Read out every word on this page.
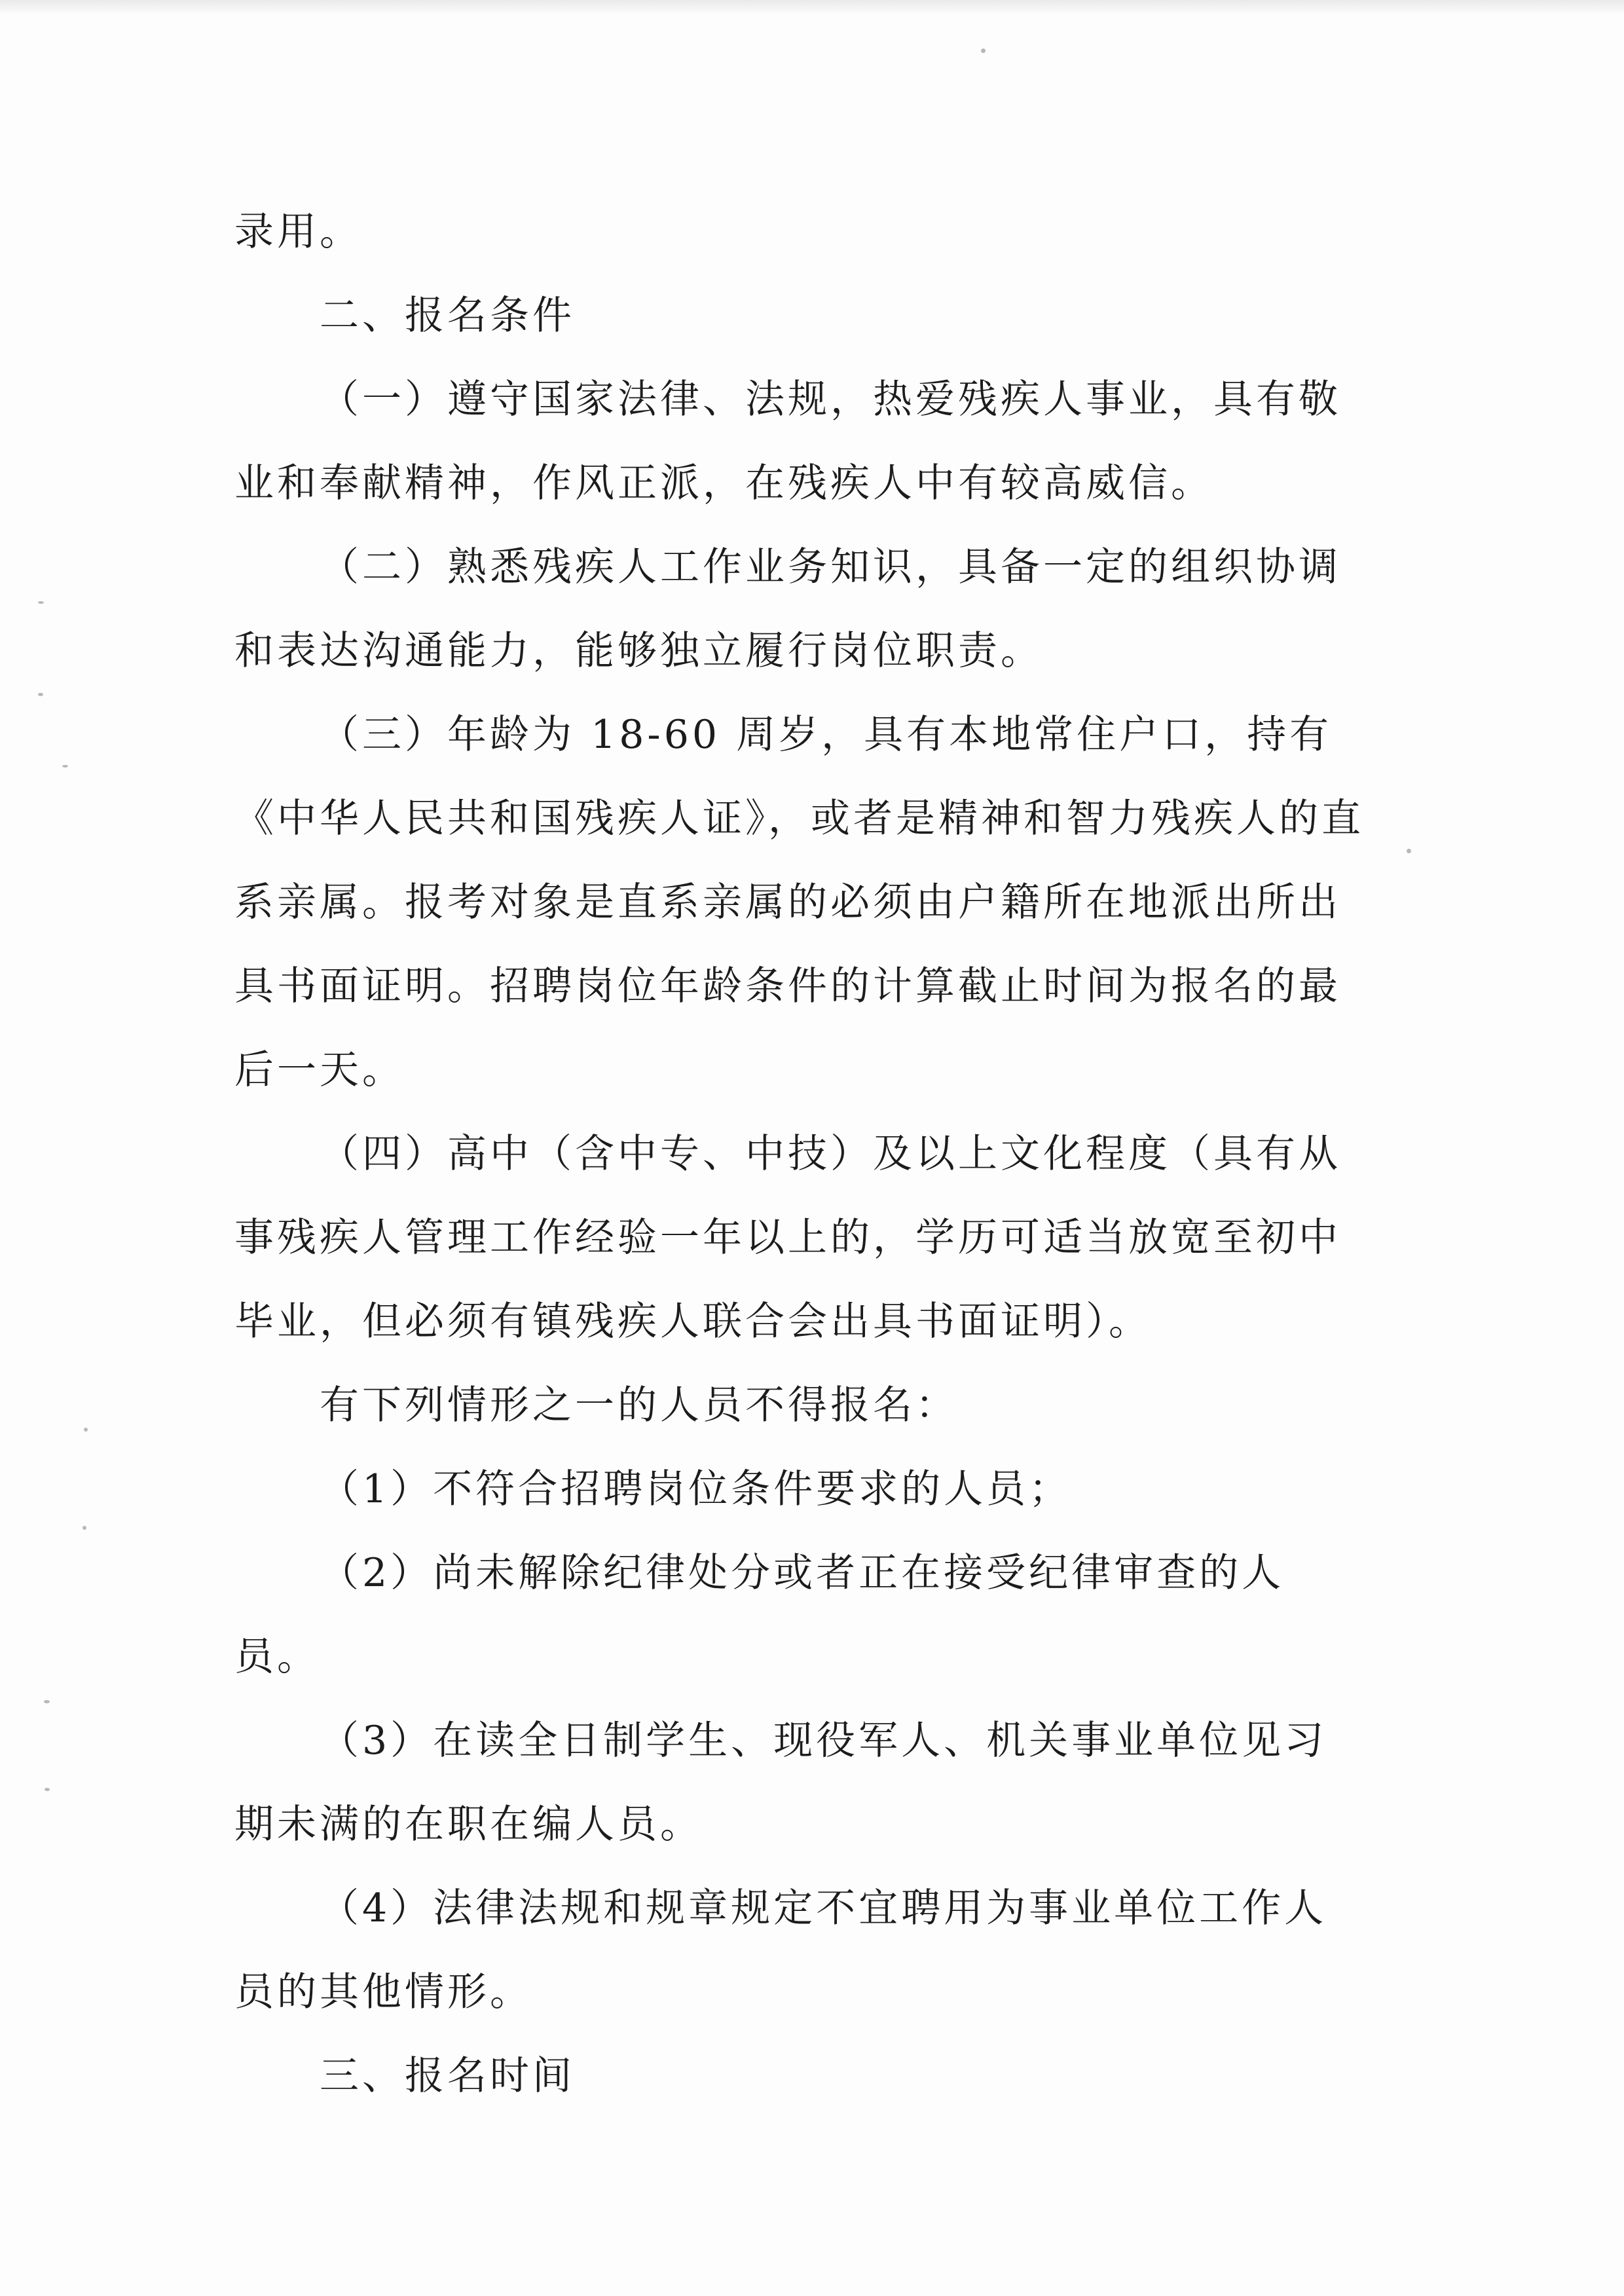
录用。

二、报名条件

（一）遵守国家法律、法规，热爱残疾人事业，具有敬业和奉献精神，作风正派，在残疾人中有较高威信。

（二）熟悉残疾人工作业务知识，具备一定的组织协调和表达沟通能力，能够独立履行岗位职责。

（三）年龄为 18-60 周岁，具有本地常住户口，持有《中华人民共和国残疾人证》，或者是精神和智力残疾人的直系亲属。报考对象是直系亲属的必须由户籍所在地派出所出具书面证明。招聘岗位年龄条件的计算截止时间为报名的最后一天。

（四）高中（含中专、中技）及以上文化程度（具有从事残疾人管理工作经验一年以上的，学历可适当放宽至初中毕业，但必须有镇残疾人联合会出具书面证明）。

有下列情形之一的人员不得报名：

（1）不符合招聘岗位条件要求的人员；

（2）尚未解除纪律处分或者正在接受纪律审查的人员。

（3）在读全日制学生、现役军人、机关事业单位见习期未满的在职在编人员。

（4）法律法规和规章规定不宜聘用为事业单位工作人员的其他情形。

三、报名时间
